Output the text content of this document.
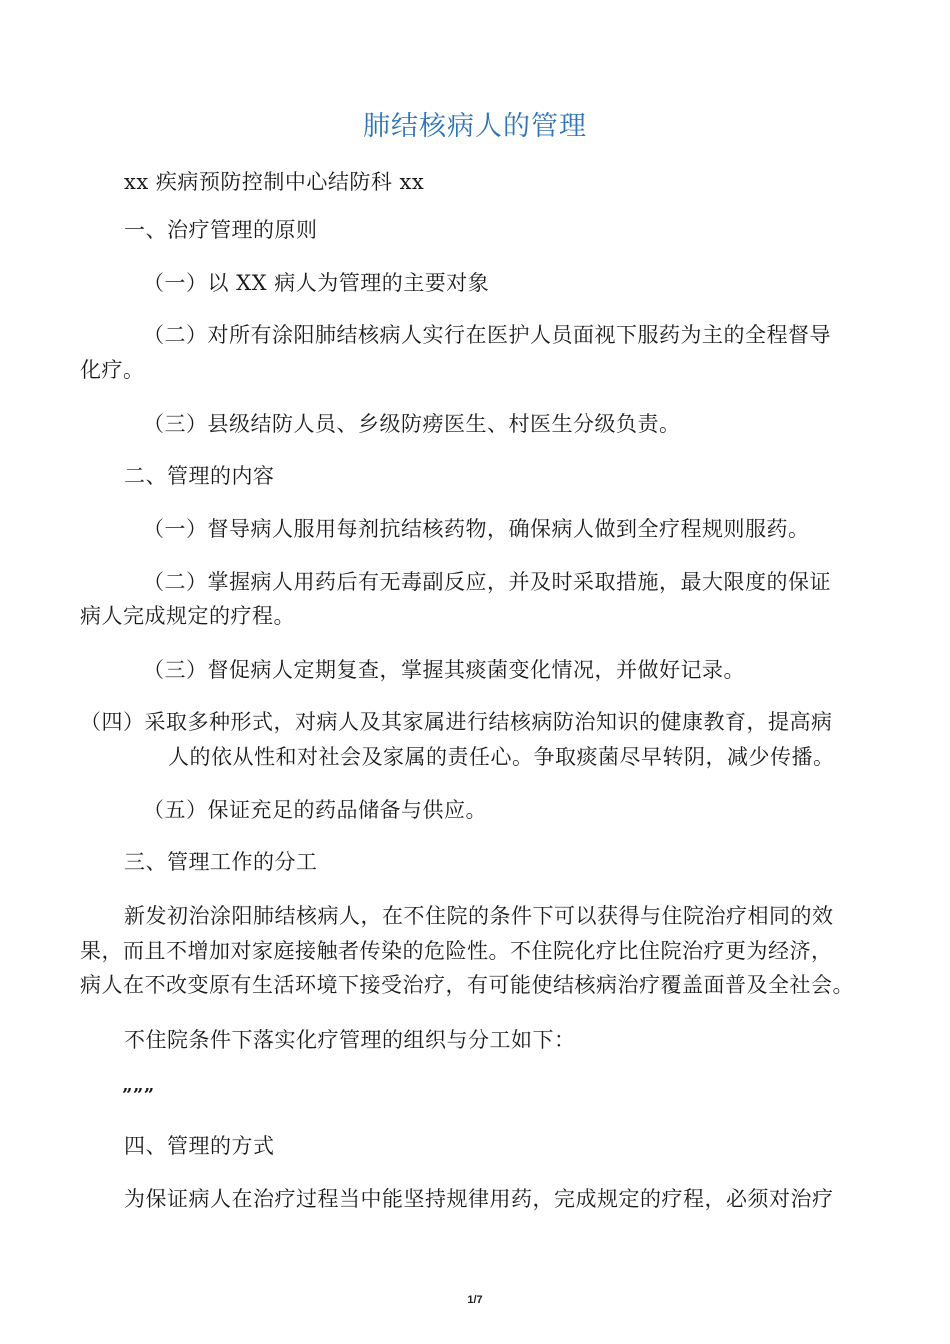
肺结核病人的管理
xx 疾病预防控制中心结防科 xx
一、治疗管理的原则
（一）以 XX 病人为管理的主要对象
（二）对所有涂阳肺结核病人实行在医护人员面视下服药为主的全程督导
化疗。
（三）县级结防人员、乡级防痨医生、村医生分级负责。
二、管理的内容
（一）督导病人服用每剂抗结核药物，确保病人做到全疗程规则服药。
（二）掌握病人用药后有无毒副反应，并及时采取措施，最大限度的保证
病人完成规定的疗程。
（三）督促病人定期复查，掌握其痰菌变化情况，并做好记录。
（四）采取多种形式，对病人及其家属进行结核病防治知识的健康教育，提高病
人的依从性和对社会及家属的责任心。争取痰菌尽早转阴，减少传播。
（五）保证充足的药品储备与供应。
三、管理工作的分工
新发初治涂阳肺结核病人，在不住院的条件下可以获得与住院治疗相同的效
果，而且不增加对家庭接触者传染的危险性。不住院化疗比住院治疗更为经济，
病人在不改变原有生活环境下接受治疗，有可能使结核病治疗覆盖面普及全社会。
不住院条件下落实化疗管理的组织与分工如下：
”””
四、管理的方式
为保证病人在治疗过程当中能坚持规律用药，完成规定的疗程，必须对治疗
1/7
